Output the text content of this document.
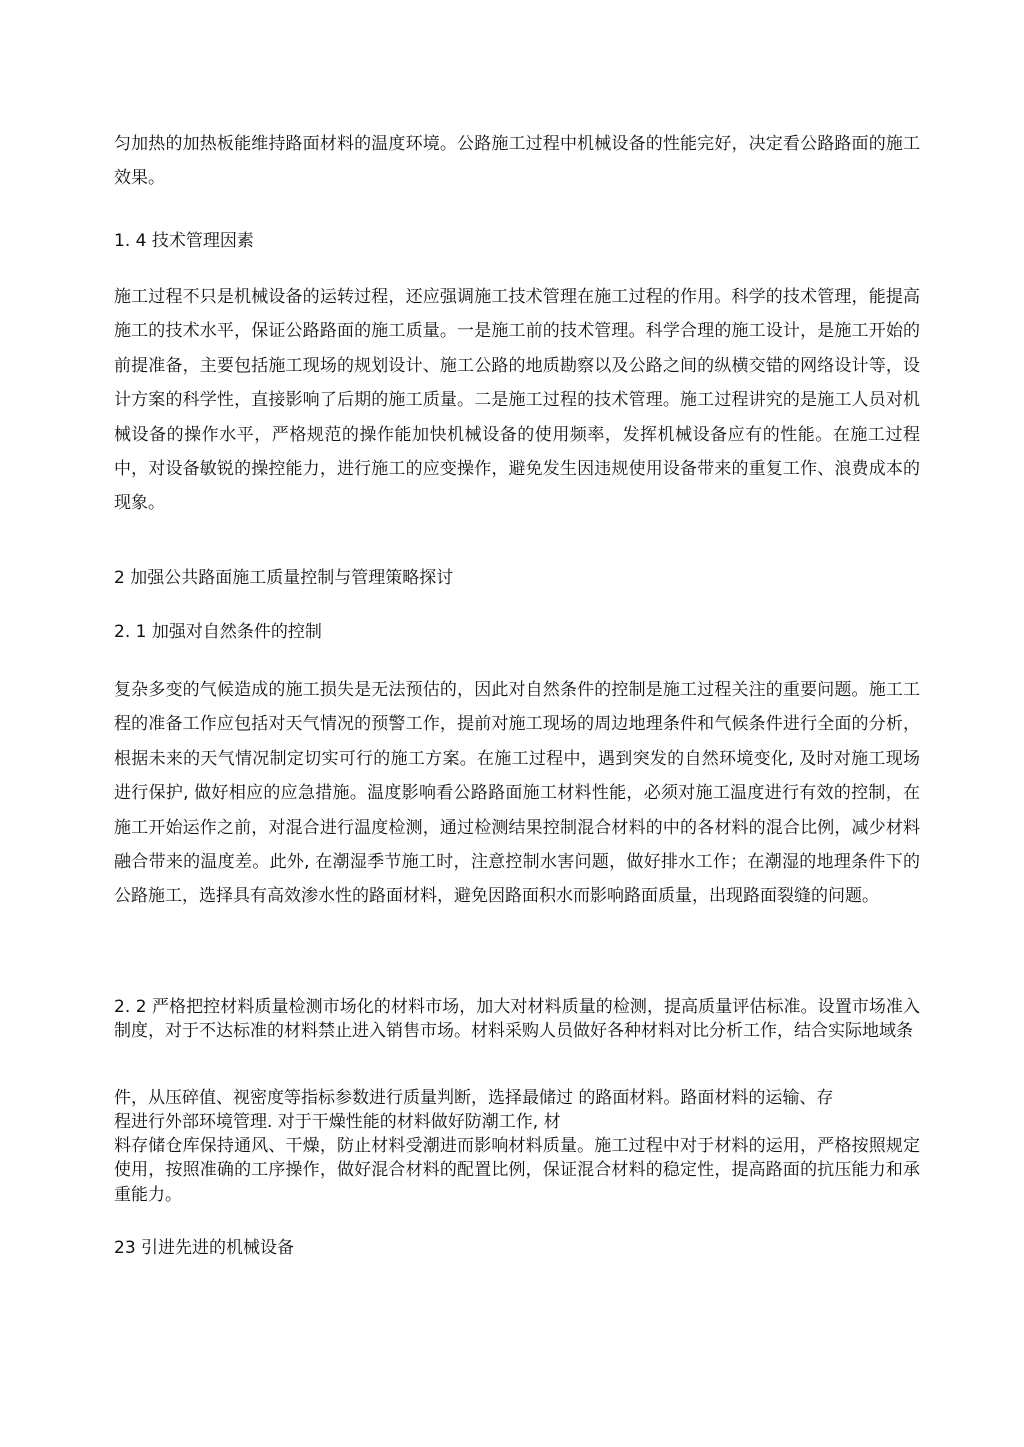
匀加热的加热板能维持路面材料的温度环境。公路施工过程中机械设备的性能完好，决定看公路路面的施工效果。

1. 4 技术管理因素

施工过程不只是机械设备的运转过程，还应强调施工技术管理在施工过程的作用。科学的技术管理，能提高施工的技术水平，保证公路路面的施工质量。一是施工前的技术管理。科学合理的施工设计，是施工开始的前提准备，主要包括施工现场的规划设计、施工公路的地质勘察以及公路之间的纵横交错的网络设计等，设计方案的科学性，直接影响了后期的施工质量。二是施工过程的技术管理。施工过程讲究的是施工人员对机械设备的操作水平，严格规范的操作能加快机械设备的使用频率，发挥机械设备应有的性能。在施工过程中，对设备敏锐的操控能力，进行施工的应变操作，避免发生因违规使用设备带来的重复工作、浪费成本的现象。

2 加强公共路面施工质量控制与管理策略探讨
2. 1 加强对自然条件的控制

复杂多变的气候造成的施工损失是无法预估的，因此对自然条件的控制是施工过程关注的重要问题。施工工程的准备工作应包括对天气情况的预警工作，提前对施工现场的周边地理条件和气候条件进行全面的分析，根据未来的天气情况制定切实可行的施工方案。在施工过程中，遇到突发的自然环境变化, 及时对施工现场进行保护, 做好相应的应急措施。温度影响看公路路面施工材料性能，必须对施工温度进行有效的控制，在施工开始运作之前，对混合进行温度检测，通过检测结果控制混合材料的中的各材料的混合比例，减少材料融合带来的温度差。此外, 在潮湿季节施工时，注意控制水害问题，做好排水工作；在潮湿的地理条件下的公路施工，选择具有高效渗水性的路面材料，避免因路面积水而影响路面质量，出现路面裂缝的问题。

2. 2 严格把控材料质量检测市场化的材料市场，加大对材料质量的检测，提高质量评估标准。设置市场准入制度，对于不达标准的材料禁止进入销售市场。材料采购人员做好各种材料对比分析工作，结合实际地域条

件，从压碎值、视密度等指标参数进行质量判断，选择最储过 的路面材料。路面材料的运输、存

程进行外部环境管理. 对于干燥性能的材料做好防潮工作, 材

料存储仓库保持通风、干燥，防止材料受潮进而影响材料质量。施工过程中对于材料的运用，严格按照规定使用，按照准确的工序操作，做好混合材料的配置比例，保证混合材料的稳定性，提高路面的抗压能力和承重能力。

23 引进先进的机械设备
